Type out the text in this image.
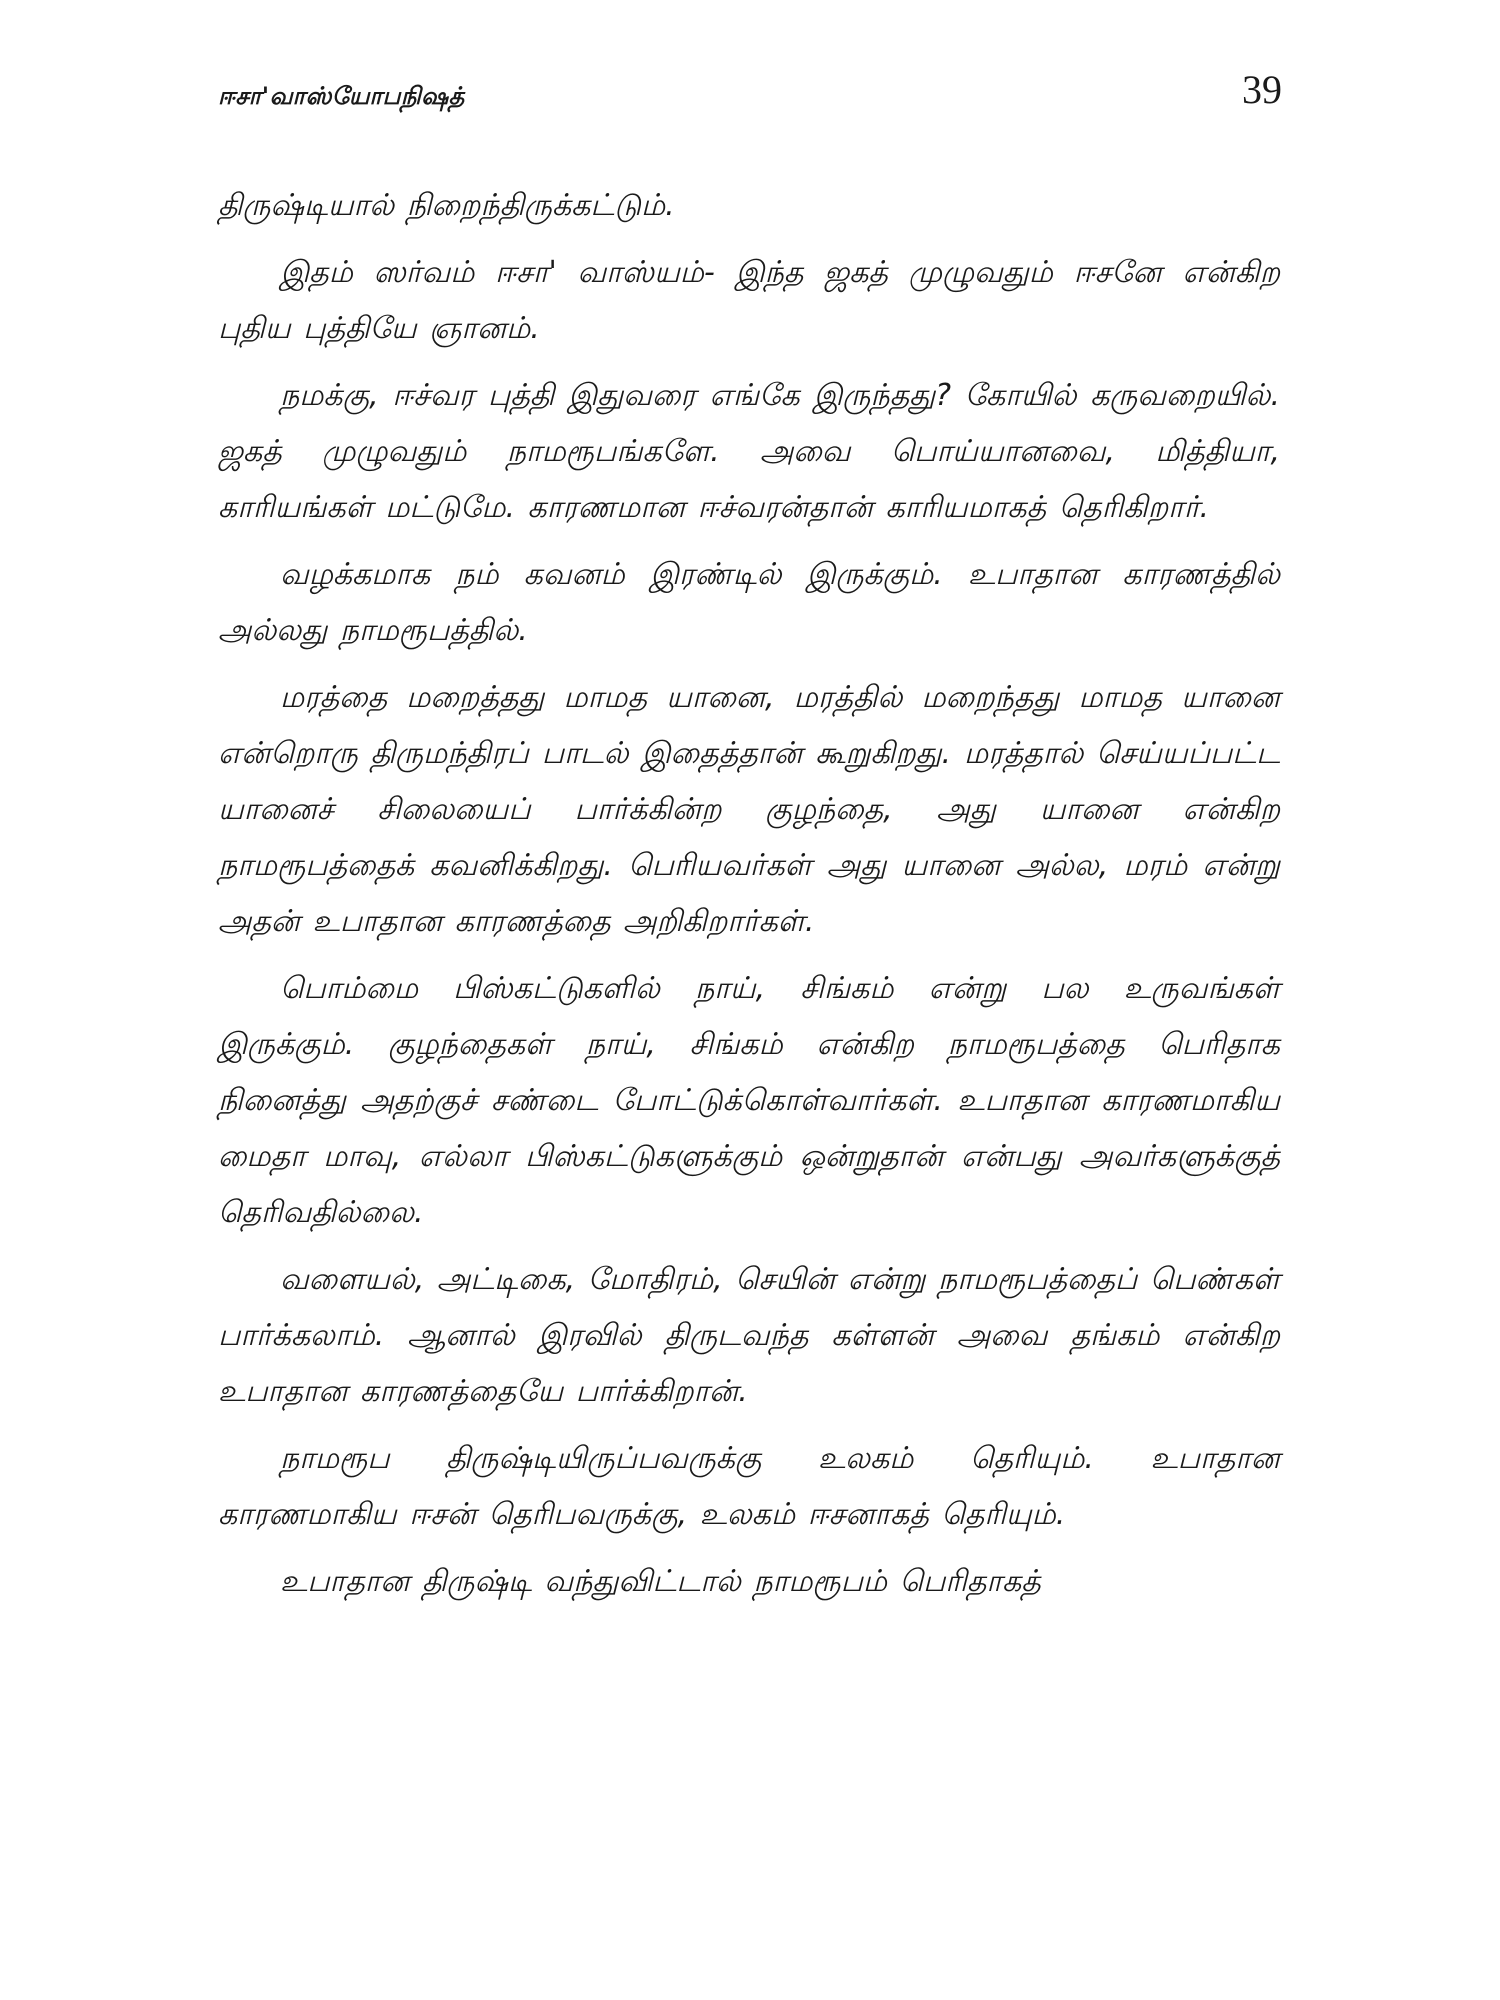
ஈசா'வாஸ்யோபநிஷத்	39

திருஷ்டியால் நிறைந்திருக்கட்டும்.

இதம் ஸர்வம் ஈசா' வாஸ்யம்- இந்த ஜகத் முழுவதும் ஈசனே என்கிற புதிய புத்தியே ஞானம்.

நமக்கு, ஈச்வர புத்தி இதுவரை எங்கே இருந்தது? கோயில் கருவறையில். ஜகத் முழுவதும் நாமரூபங்களே. அவை பொய்யானவை, மித்தியா, காரியங்கள் மட்டுமே. காரணமான ஈச்வரன்தான் காரியமாகத் தெரிகிறார்.

வழக்கமாக நம் கவனம் இரண்டில் இருக்கும். உபாதான காரணத்தில் அல்லது நாமரூபத்தில்.

மரத்தை மறைத்தது மாமத யானை, மரத்தில் மறைந்தது மாமத யானை என்றொரு திருமந்திரப் பாடல் இதைத்தான் கூறுகிறது. மரத்தால் செய்யப்பட்ட யானைச் சிலையைப் பார்க்கின்ற குழந்தை, அது யானை என்கிற நாமரூபத்தைக் கவனிக்கிறது. பெரியவர்கள் அது யானை அல்ல, மரம் என்று அதன் உபாதான காரணத்தை அறிகிறார்கள்.

பொம்மை பிஸ்கட்டுகளில் நாய், சிங்கம் என்று பல உருவங்கள் இருக்கும். குழந்தைகள் நாய், சிங்கம் என்கிற நாமரூபத்தை பெரிதாக நினைத்து அதற்குச் சண்டை போட்டுக்கொள்வார்கள். உபாதான காரணமாகிய மைதா மாவு, எல்லா பிஸ்கட்டுகளுக்கும் ஒன்றுதான் என்பது அவர்களுக்குத் தெரிவதில்லை.

வளையல், அட்டிகை, மோதிரம், செயின் என்று நாமரூபத்தைப் பெண்கள் பார்க்கலாம். ஆனால் இரவில் திருடவந்த கள்ளன் அவை தங்கம் என்கிற உபாதான காரணத்தையே பார்க்கிறான்.

நாமரூப திருஷ்டியிருப்பவருக்கு உலகம் தெரியும். உபாதான காரணமாகிய ஈசன் தெரிபவருக்கு, உலகம் ஈசனாகத் தெரியும்.

உபாதான திருஷ்டி வந்துவிட்டால் நாமரூபம் பெரிதாகத்
